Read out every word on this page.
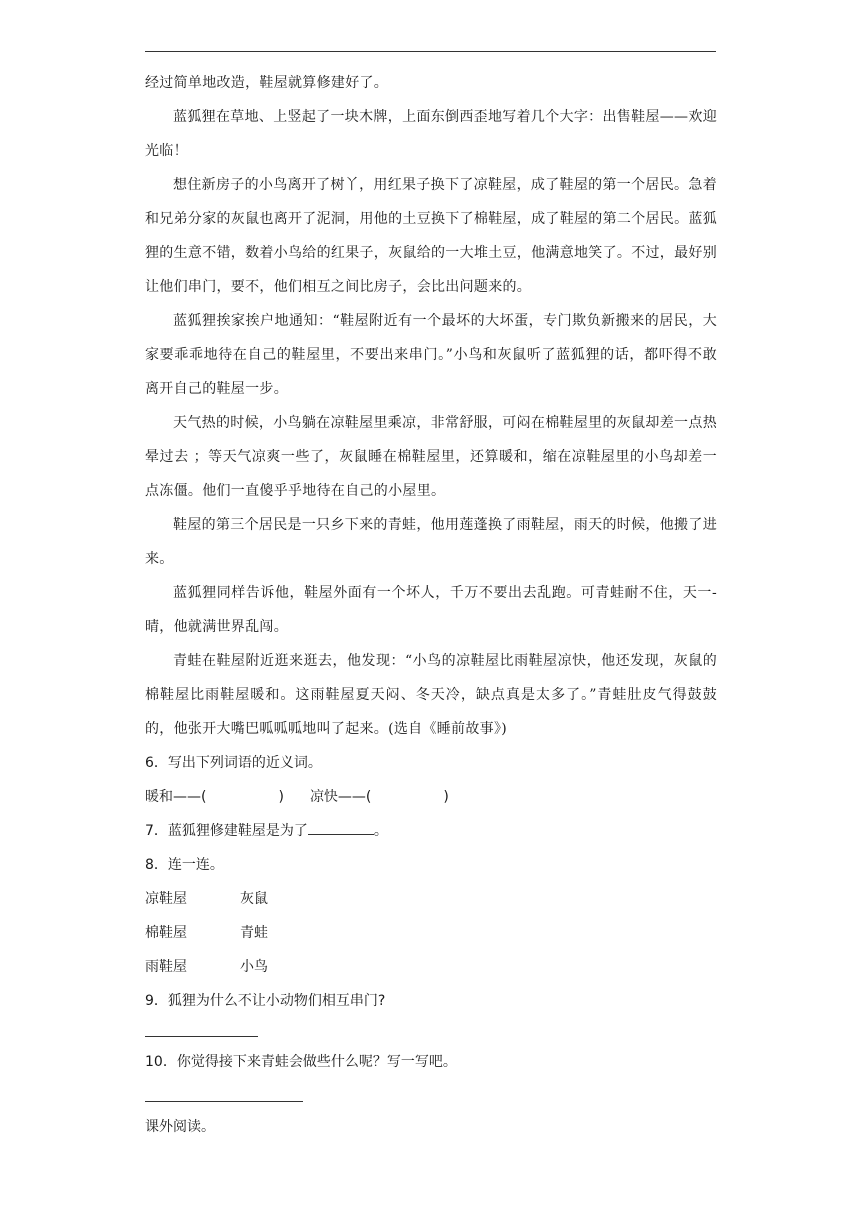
经过简单地改造，鞋屋就算修建好了。

蓝狐狸在草地、上竖起了一块木牌，上面东倒西歪地写着几个大字：出售鞋屋——欢迎光临！

想住新房子的小鸟离开了树丫，用红果子换下了凉鞋屋，成了鞋屋的第一个居民。急着和兄弟分家的灰鼠也离开了泥洞，用他的土豆换下了棉鞋屋，成了鞋屋的第二个居民。蓝狐狸的生意不错，数着小鸟给的红果子，灰鼠给的一大堆土豆，他满意地笑了。不过，最好别让他们串门，要不，他们相互之间比房子，会比出问题来的。

蓝狐狸挨家挨户地通知：“鞋屋附近有一个最坏的大坏蛋，专门欺负新搬来的居民，大家要乖乖地待在自己的鞋屋里，不要出来串门。”小鸟和灰鼠听了蓝狐狸的话，都吓得不敢离开自己的鞋屋一步。

天气热的时候，小鸟躺在凉鞋屋里乘凉，非常舒服，可闷在棉鞋屋里的灰鼠却差一点热晕过去 ；等天气凉爽一些了，灰鼠睡在棉鞋屋里，还算暖和，缩在凉鞋屋里的小鸟却差一点冻僵。他们一直傻乎乎地待在自己的小屋里。

鞋屋的第三个居民是一只乡下来的青蛙，他用莲蓬换了雨鞋屋，雨天的时候，他搬了进来。

蓝狐狸同样告诉他，鞋屋外面有一个坏人，千万不要出去乱跑。可青蛙耐不住，天一-晴，他就满世界乱闯。

青蛙在鞋屋附近逛来逛去，他发现：“小鸟的凉鞋屋比雨鞋屋凉快，他还发现，灰鼠的棉鞋屋比雨鞋屋暖和。这雨鞋屋夏天闷、冬天冷，缺点真是太多了。”青蛙肚皮气得鼓鼓的，他张开大嘴巴呱呱呱地叫了起来。(选自《睡前故事》)

6．写出下列词语的近义词。

暖和——(	) 凉快——(	)
7．蓝狐狸修建鞋屋是为了	。

8．连一连。

凉鞋屋	灰鼠
棉鞋屋	青蛙
雨鞋屋	小鸟

9．狐狸为什么不让小动物们相互串门?

10．你觉得接下来青蛙会做些什么呢？写一写吧。

课外阅读。
